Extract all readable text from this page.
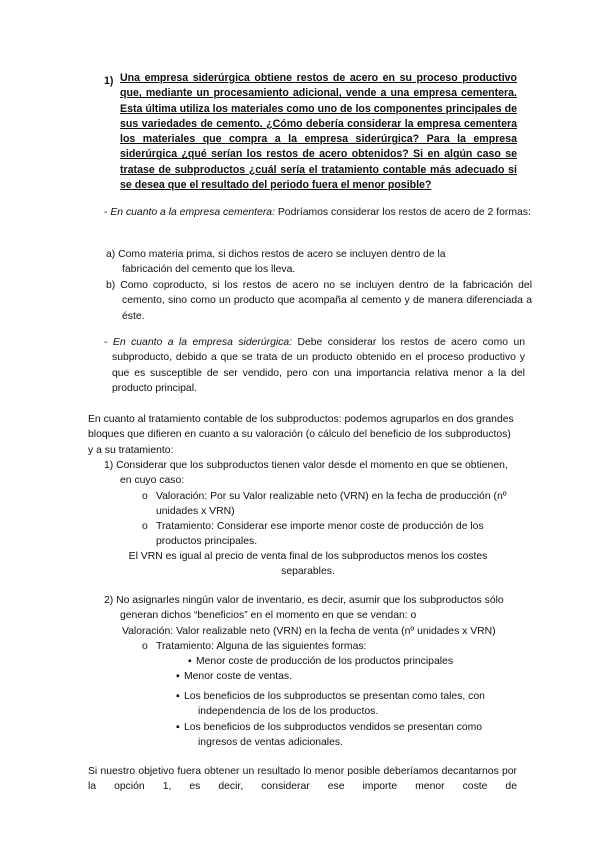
1) Una empresa siderúrgica obtiene restos de acero en su proceso productivo que, mediante un procesamiento adicional, vende a una empresa cementera. Esta última utiliza los materiales como uno de los componentes principales de sus variedades de cemento. ¿Cómo debería considerar la empresa cementera los materiales que compra a la empresa siderúrgica? Para la empresa siderúrgica ¿qué serían los restos de acero obtenidos? Si en algún caso se tratase de subproductos ¿cuál sería el tratamiento contable más adecuado si se desea que el resultado del periodo fuera el menor posible?

- En cuanto a la empresa cementera: Podríamos considerar los restos de acero de 2 formas:

a) Como materia prima, si dichos restos de acero se incluyen dentro de la fabricación del cemento que los lleva.

b) Como coproducto, si los restos de acero no se incluyen dentro de la fabricación del cemento, sino como un producto que acompaña al cemento y de manera diferenciada a éste.

- En cuanto a la empresa siderúrgica: Debe considerar los restos de acero como un subproducto, debido a que se trata de un producto obtenido en el proceso productivo y que es susceptible de ser vendido, pero con una importancia relativa menor a la del producto principal.

En cuanto al tratamiento contable de los subproductos: podemos agruparlos en dos grandes bloques que difieren en cuanto a su valoración (o cálculo del beneficio de los subproductos) y a su tratamiento:

1) Considerar que los subproductos tienen valor desde el momento en que se obtienen, en cuyo caso:

o Valoración: Por su Valor realizable neto (VRN) en la fecha de producción (nº unidades x VRN)

o Tratamiento: Considerar ese importe menor coste de producción de los productos principales.

El VRN es igual al precio de venta final de los subproductos menos los costes separables.

2) No asignarles ningún valor de inventario, es decir, asumir que los subproductos sólo generan dichos “beneficios” en el momento en que se vendan: o

Valoración: Valor realizable neto (VRN) en la fecha de venta (nº unidades x VRN)

o Tratamiento: Alguna de las siguientes formas:

▪ Menor coste de producción de los productos principales

▪ Menor coste de ventas.

▪ Los beneficios de los subproductos se presentan como tales, con independencia de los de los productos.

▪ Los beneficios de los subproductos vendidos se presentan como ingresos de ventas adicionales.

Si nuestro objetivo fuera obtener un resultado lo menor posible deberíamos decantarnos por la opción 1, es decir, considerar ese importe menor coste de
